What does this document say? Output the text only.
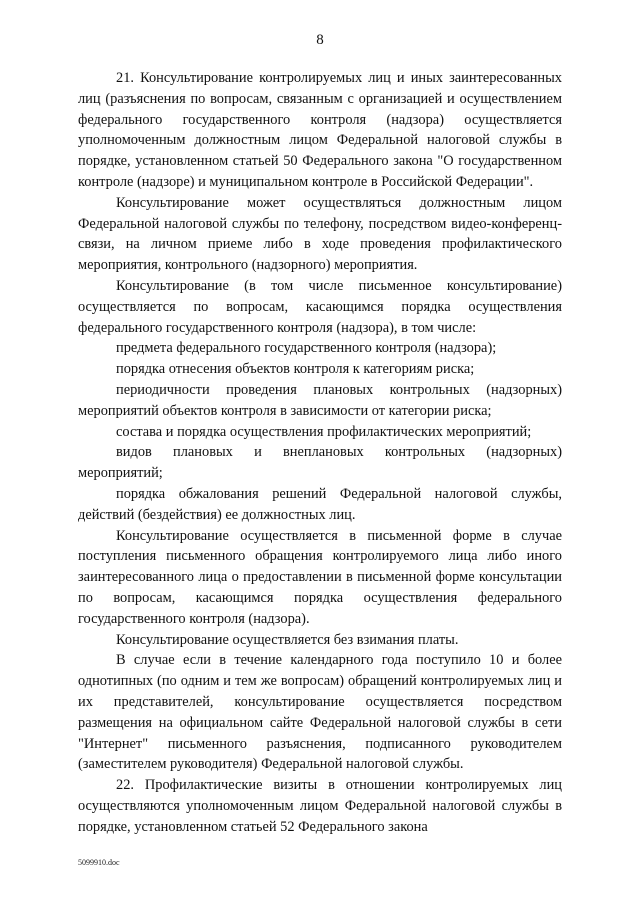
8

21. Консультирование контролируемых лиц и иных заинтересованных лиц (разъяснения по вопросам, связанным с организацией и осуществлением федерального государственного контроля (надзора) осуществляется уполномоченным должностным лицом Федеральной налоговой службы в порядке, установленном статьей 50 Федерального закона "О государственном контроле (надзоре) и муниципальном контроле в Российской Федерации".

Консультирование может осуществляться должностным лицом Федеральной налоговой службы по телефону, посредством видео-конференц-связи, на личном приеме либо в ходе проведения профилактического мероприятия, контрольного (надзорного) мероприятия.

Консультирование (в том числе письменное консультирование) осуществляется по вопросам, касающимся порядка осуществления федерального государственного контроля (надзора), в том числе:

предмета федерального государственного контроля (надзора);

порядка отнесения объектов контроля к категориям риска;

периодичности проведения плановых контрольных (надзорных) мероприятий объектов контроля в зависимости от категории риска;

состава и порядка осуществления профилактических мероприятий;

видов плановых и внеплановых контрольных (надзорных) мероприятий;

порядка обжалования решений Федеральной налоговой службы, действий (бездействия) ее должностных лиц.

Консультирование осуществляется в письменной форме в случае поступления письменного обращения контролируемого лица либо иного заинтересованного лица о предоставлении в письменной форме консультации по вопросам, касающимся порядка осуществления федерального государственного контроля (надзора).

Консультирование осуществляется без взимания платы.

В случае если в течение календарного года поступило 10 и более однотипных (по одним и тем же вопросам) обращений контролируемых лиц и их представителей, консультирование осуществляется посредством размещения на официальном сайте Федеральной налоговой службы в сети "Интернет" письменного разъяснения, подписанного руководителем (заместителем руководителя) Федеральной налоговой службы.

22. Профилактические визиты в отношении контролируемых лиц осуществляются уполномоченным лицом Федеральной налоговой службы в порядке, установленном статьей 52 Федерального закона

5099910.doc
